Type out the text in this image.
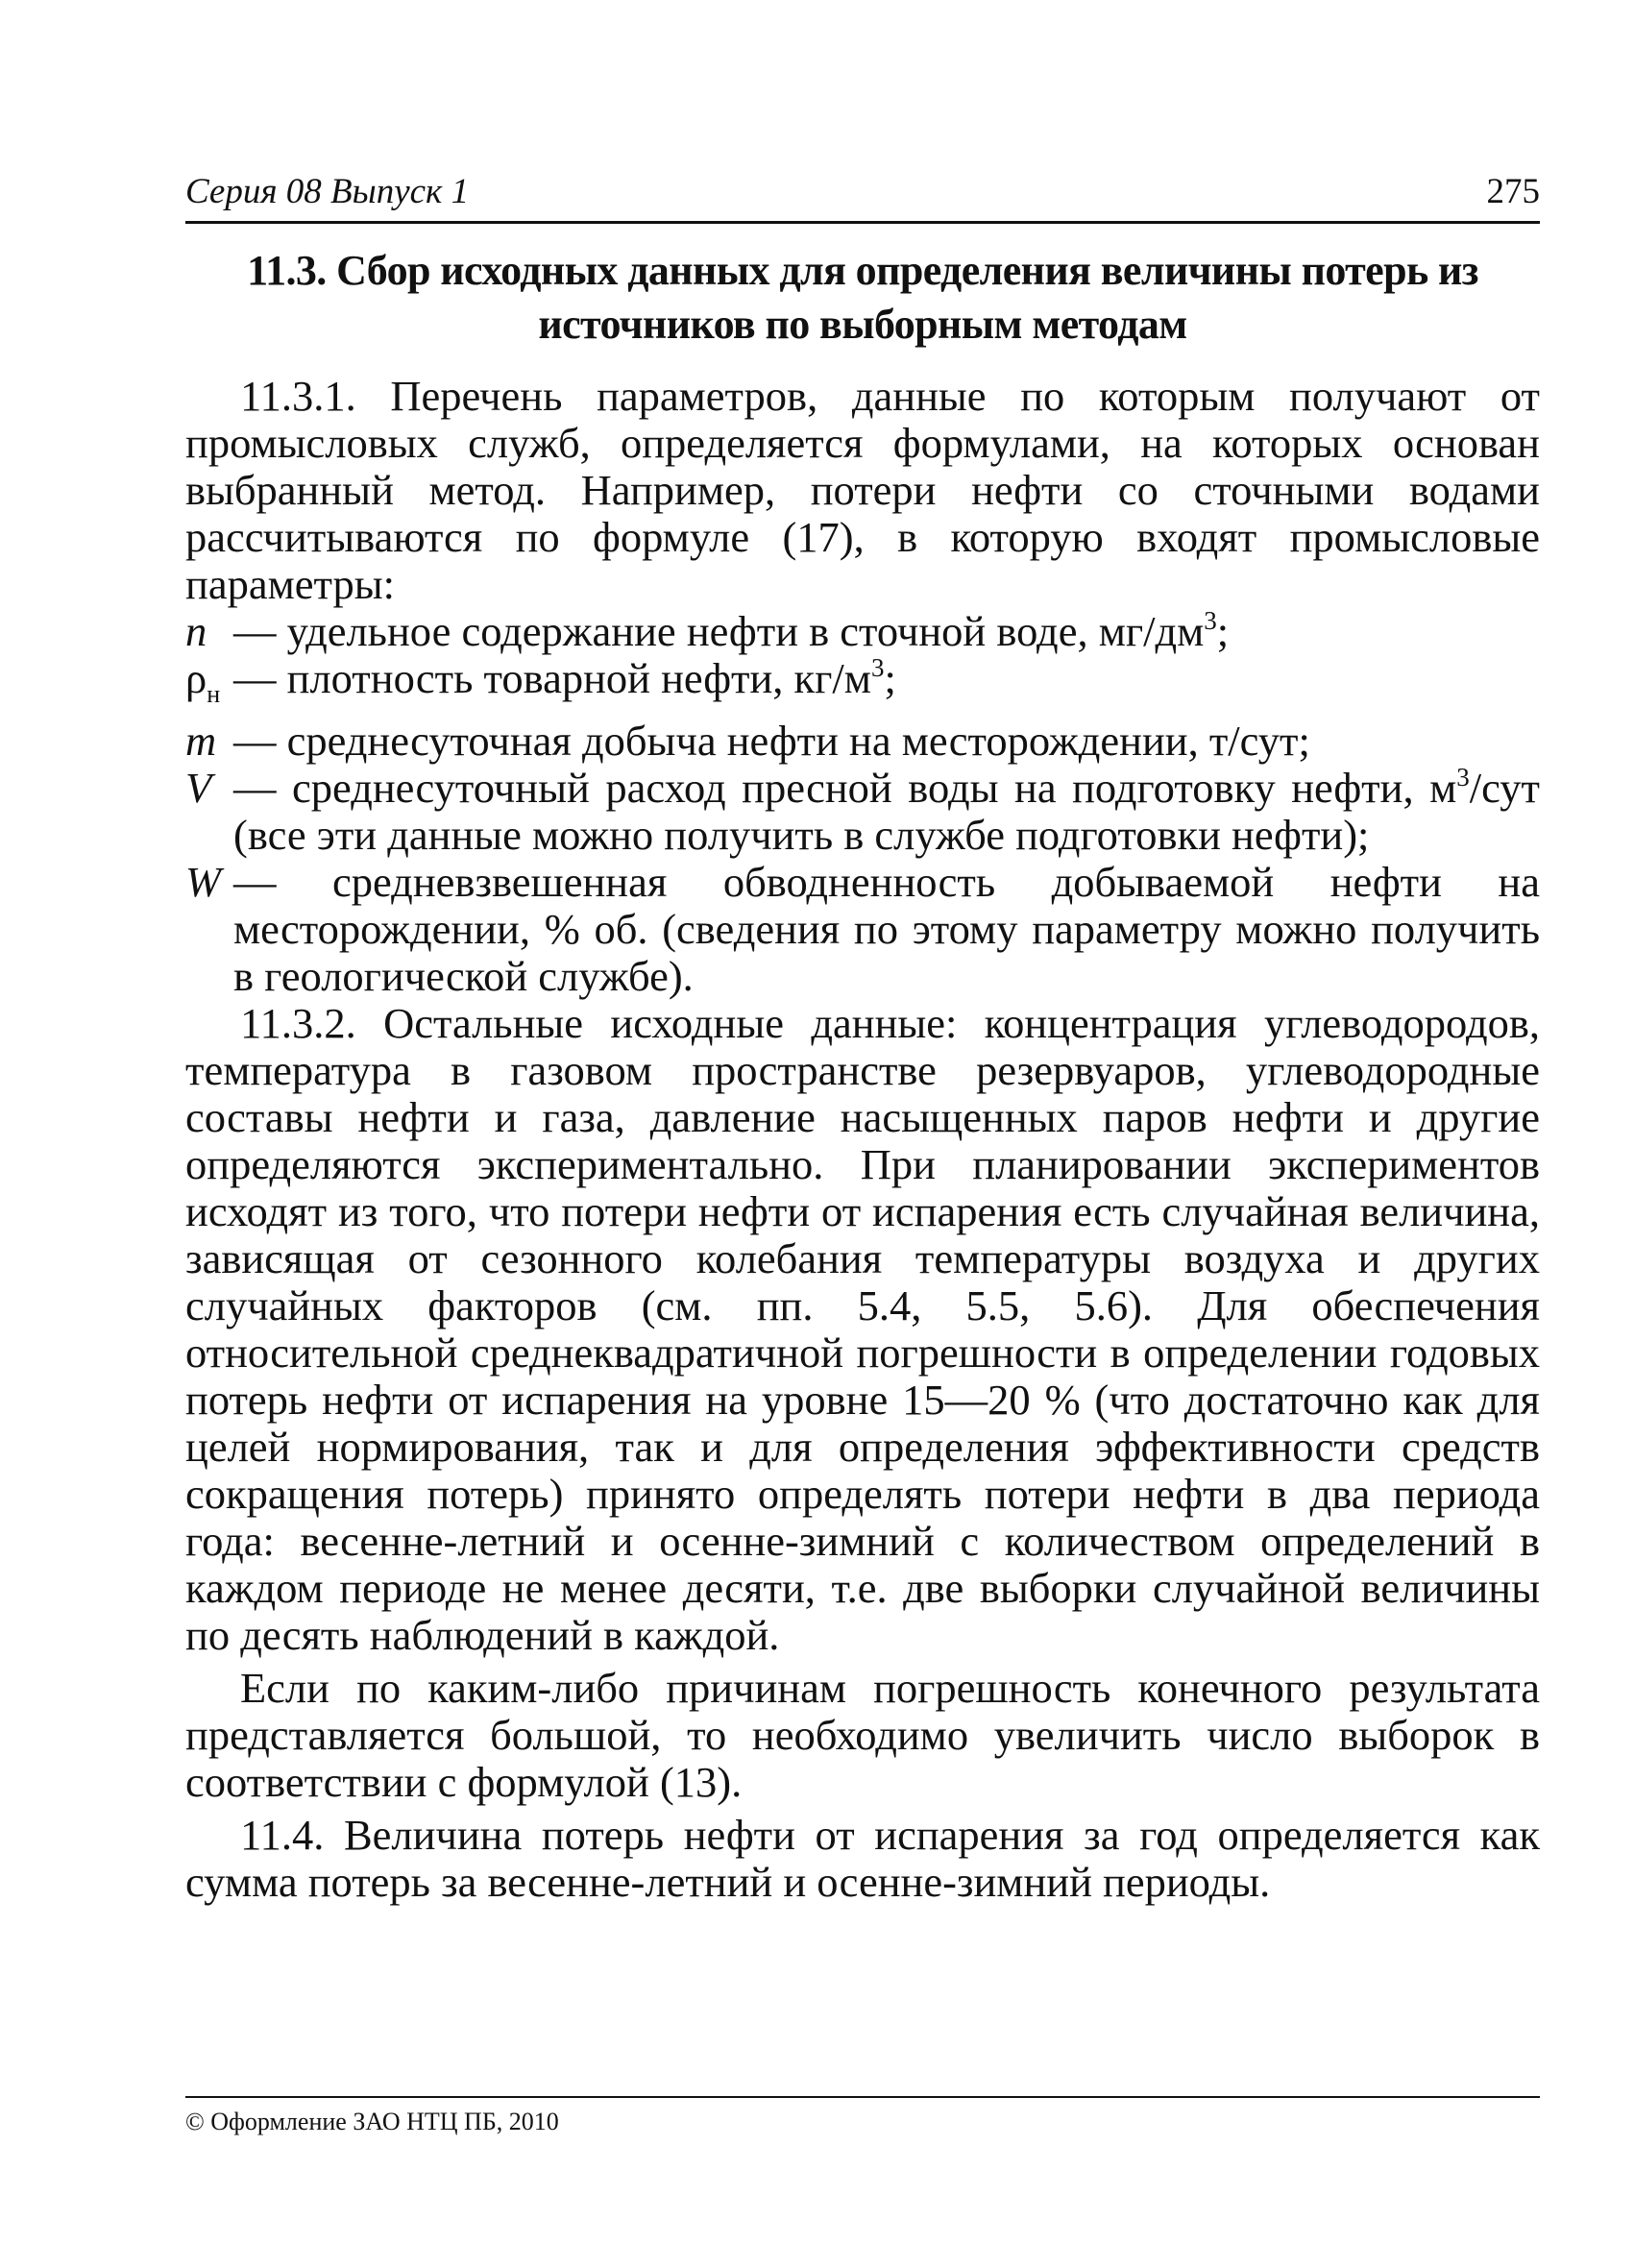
Серия 08 Выпуск 1	275
11.3. Сбор исходных данных для определения величины потерь из
источников по выборным методам

11.3.1. Перечень параметров, данные по которым получают от промысловых служб, определяется формулами, на которых основан выбранный метод. Например, потери нефти со сточными водами рассчитываются по формуле (17), в которую входят промысловые параметры:

n — удельное содержание нефти в сточной воде, $мг/дм^3$;
$\rho_н$ — плотность товарной нефти, $кг/м^3$;
m — среднесуточная добыча нефти на месторождении, т/сут;
V — среднесуточный расход пресной воды на подготовку нефти, $м^3$/сут (все эти данные можно получить в службе подготовки нефти);
W — средневзвешенная обводненность добываемой нефти на месторождении, % об. (сведения по этому параметру можно получить в геологической службе).

11.3.2. Остальные исходные данные: концентрация углеводородов, температура в газовом пространстве резервуаров, углеводородные составы нефти и газа, давление насыщенных паров нефти и другие определяются экспериментально. При планировании экспериментов исходят из того, что потери нефти от испарения есть случайная величина, зависящая от сезонного колебания температуры воздуха и других случайных факторов (см. пп. 5.4, 5.5, 5.6). Для обеспечения относительной среднеквадратичной погрешности в определении годовых потерь нефти от испарения на уровне 15—20 % (что достаточно как для целей нормирования, так и для определения эффективности средств сокращения потерь) принято определять потери нефти в два периода года: весенне-летний и осенне-зимний с количеством определений в каждом периоде не менее десяти, т.е. две выборки случайной величины по десять наблюдений в каждой.

Если по каким-либо причинам погрешность конечного результата представляется большой, то необходимо увеличить число выборок в соответствии с формулой (13).

11.4. Величина потерь нефти от испарения за год определяется как сумма потерь за весенне-летний и осенне-зимний периоды.

© Оформление ЗАО НТЦ ПБ, 2010
